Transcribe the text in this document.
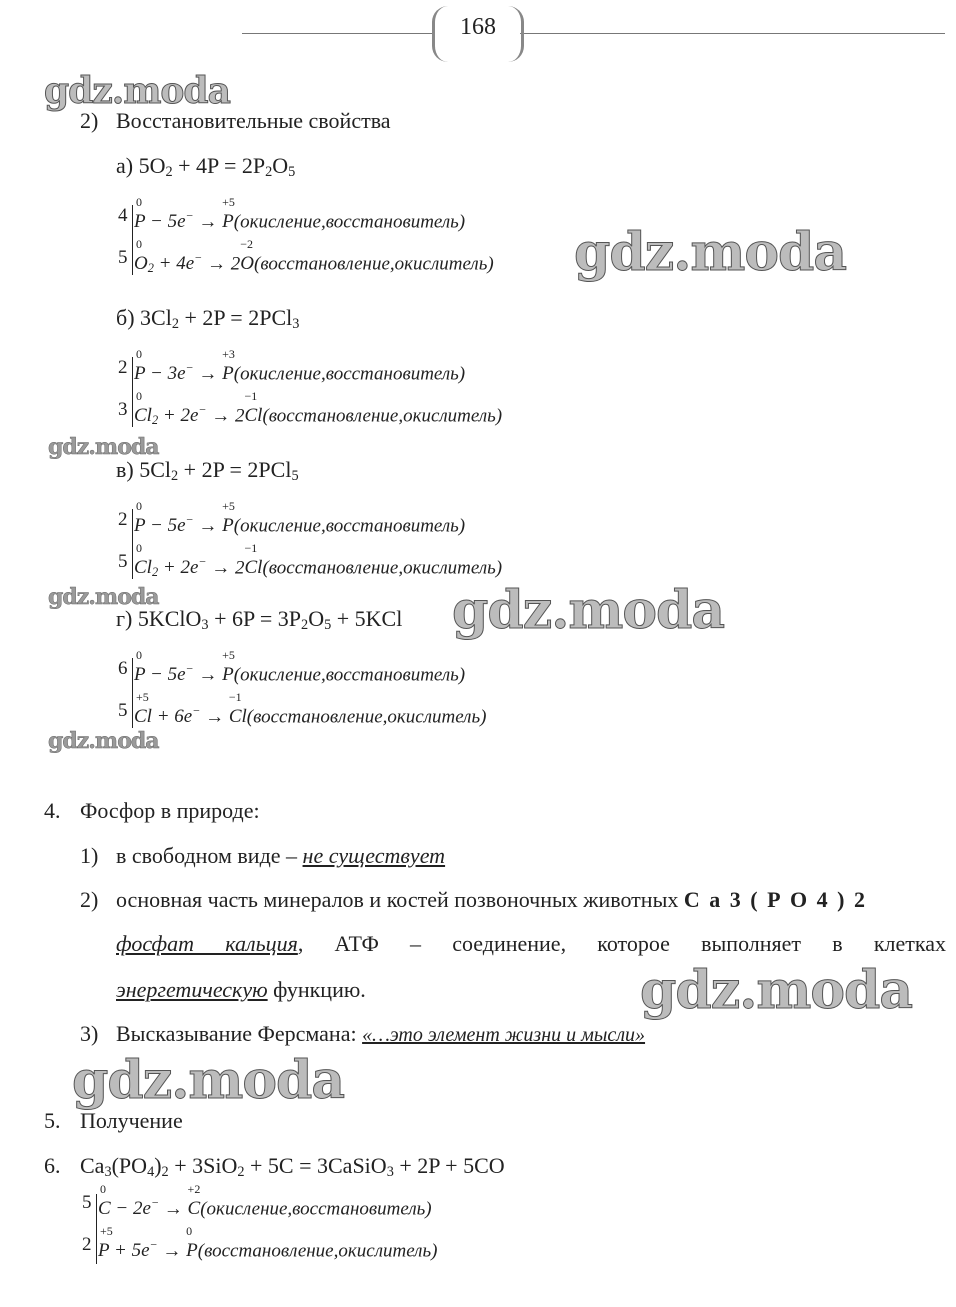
168
gdz.moda
gdz.moda
gdz.moda
gdz.moda	gdz.moda
gdz.moda
gdz.moda
gdz.moda
2) Восстановительные свойства
а) $5O_2 + 4P = 2P_2O_5$
б) $3Cl_2 + 2P = 2PCl_3$
в) $5Cl_2 + 2P = 2PCl_5$
г) 5KClO$_3$ + $6P = 3P_2O_5 + 5KCl$
4. Фосфор в природе:
1) в свободном виде – не существует
2) основная часть минералов и костей позвоночных животных С а 3 ( Р О 4 ) 2
фосфат кальция, АТФ – соединение, которое выполняет в клетках
энергетическую функцию.
3) Высказывание Ферсмана: «…это элемент жизни и мысли»
5. Получение
6. $Ca_3(PO_4)_2 + 3SiO_2 + 5C$ = 3CaSiO$_3$ + 2P + 5CO
4
0
P − 5e− →
+5
P(окисление,восстановитель)
5
0
$O_2 + 4e^- \to 2$
−2
O(восстановление,окислитель)
2
0
P − 3e− →
+3
P(окисление,восстановитель)
3
0
$Cl_2 + 2e^- \to 2$
−1
Cl(восстановление,окислитель)
2
0
P − 5e− →
+5
P(окисление,восстановитель)
5
0
$Cl_2 + 2e^- \to 2$
−1
Cl(восстановление,окислитель)
6
0
P − 5e− →
+5
P(окисление,восстановитель)
5
+5
Cl + 6e− →
−1
Cl(восстановление,окислитель)
5
0
C − 2e− →
+2
C(окисление,восстановитель)
2
+5
P + 5e− →
0
P(восстановление,окислитель)
